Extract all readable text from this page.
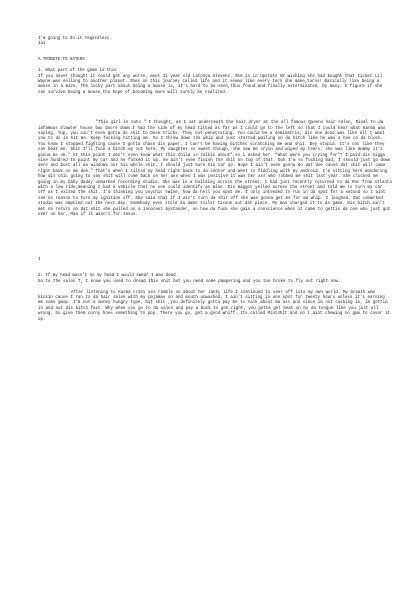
I'm going to do it regardless
Jai
A TRIBUTE TO HATERS
1. What part of the game is this
If you never thought it could get any worse, meet 21 year old Latonya Stevens. She is in Upstate NY wishing she had bought that ticket Lil Wayne was selling to another planet. Shes on this journey called life and it seems like every turn she make,turns! Basically like being a mouse in a maze. The lucky part about being a mouse is, it's hard to be seen,thus found and finally exterminated, by many. I figure if she can survive being a mouse,the hope of becoming more will surely be realized.
"This girl is nuts " I thought, as I sat underneath the hair dryer at the all famous Queens hair salon, Rival to da infamous Slawter house two doors down.I had the side of my head tilted as far as I could go to the left so that I could hear what Karma was saying. Yup, you ain't even gotta do shit to Dese tricks. They not penetrating. You could be a dominatrix, dis one dood was like all I want you to do is hit me. Keep fucking hitting me. So I threw down the whip and just started wailing on da bitch like he was a hoe on da block. You know I stopped fighting cause I gotta chase dis paper. I can't be having bitches scratching me and shit. Dey stupid. It's not like they can beat me. Shit I'll fuck a bitch up out here. My daughter so sweet though, she saw me cryin and wiped my tears, she was like mommy it's gonna be ok." At this point I don't even know what this child is talkin about",so i asked her. "What were you crying for"? I paid dis nigga nine hundred to paint my car and he fucked it up. He ain't even finish the shit on top of that. Ooh I'm so fucking mad, I should just go down dere and bust all da windows out his whole shit. I should just burn his car up. Nope I ain't even gonna do dat doe cause dat shit will come right back on me doe." That's when I tilted my head right back to da center and went to fiddling with my android. I'm sitting here wondering how dis chic going to say shit will come back on her ass when I was positive it was her ass who robbed me shit last year. She clocked me going in my baby daddy unmarked recording studio. She was in a building across the street. I had just recently returned to da Roc from Atlanta with a low ride,meaning I had a vehicle that no one could identify as mine. Dis maggot yelled across the street and told me to turn my car off as I exited the shit. I'm thinking you psychic swine, how da hell you spot me. I only intended to run in da spot for a second so I aint see no reason to turn my ignition off. She said that if I ain't turn da shit off she was gonna get me for ma whip. I laughed. Dat unmarked studio was emptied out the next day. Somebody even stole da damn toilet tissue out dat piece. My man charged it to da game. Dis bitch ain't met no return on dat shit she pulled on a innocent bystander, so how da fuck she gain a conscience when it came to gettin da one who just got over on her. Man if it wasn't for Jesus.
I
2. If my head wasn't on my head I would swear I was dead
Go to the salon T, I know you used to dread this shit but you need some pampering and you too broke to fly out right now.
After listening to Karma crazy ass ramble on about her Janky life I continued to veer off into my own world. My breath was kickin cause I ran to da hair salon with my pajamas on and mouth unwashed. I ain't sitting in one spot for twenty hours unless it's earning me some gwop. I'm not a money hungry type, but shit ,you definitely gotta pay me to talk about ma ass and since im not cashing in, im gettin in and out dis bitch fast. Why when you go to da salon and pay a buck to get right, you gotta get beat on by da tongue like you just all wrong. So give them corny hoes something to pop. There you go, get a good whiff. Its called Mintshit and no i aint chewing no gum to cover it up.
